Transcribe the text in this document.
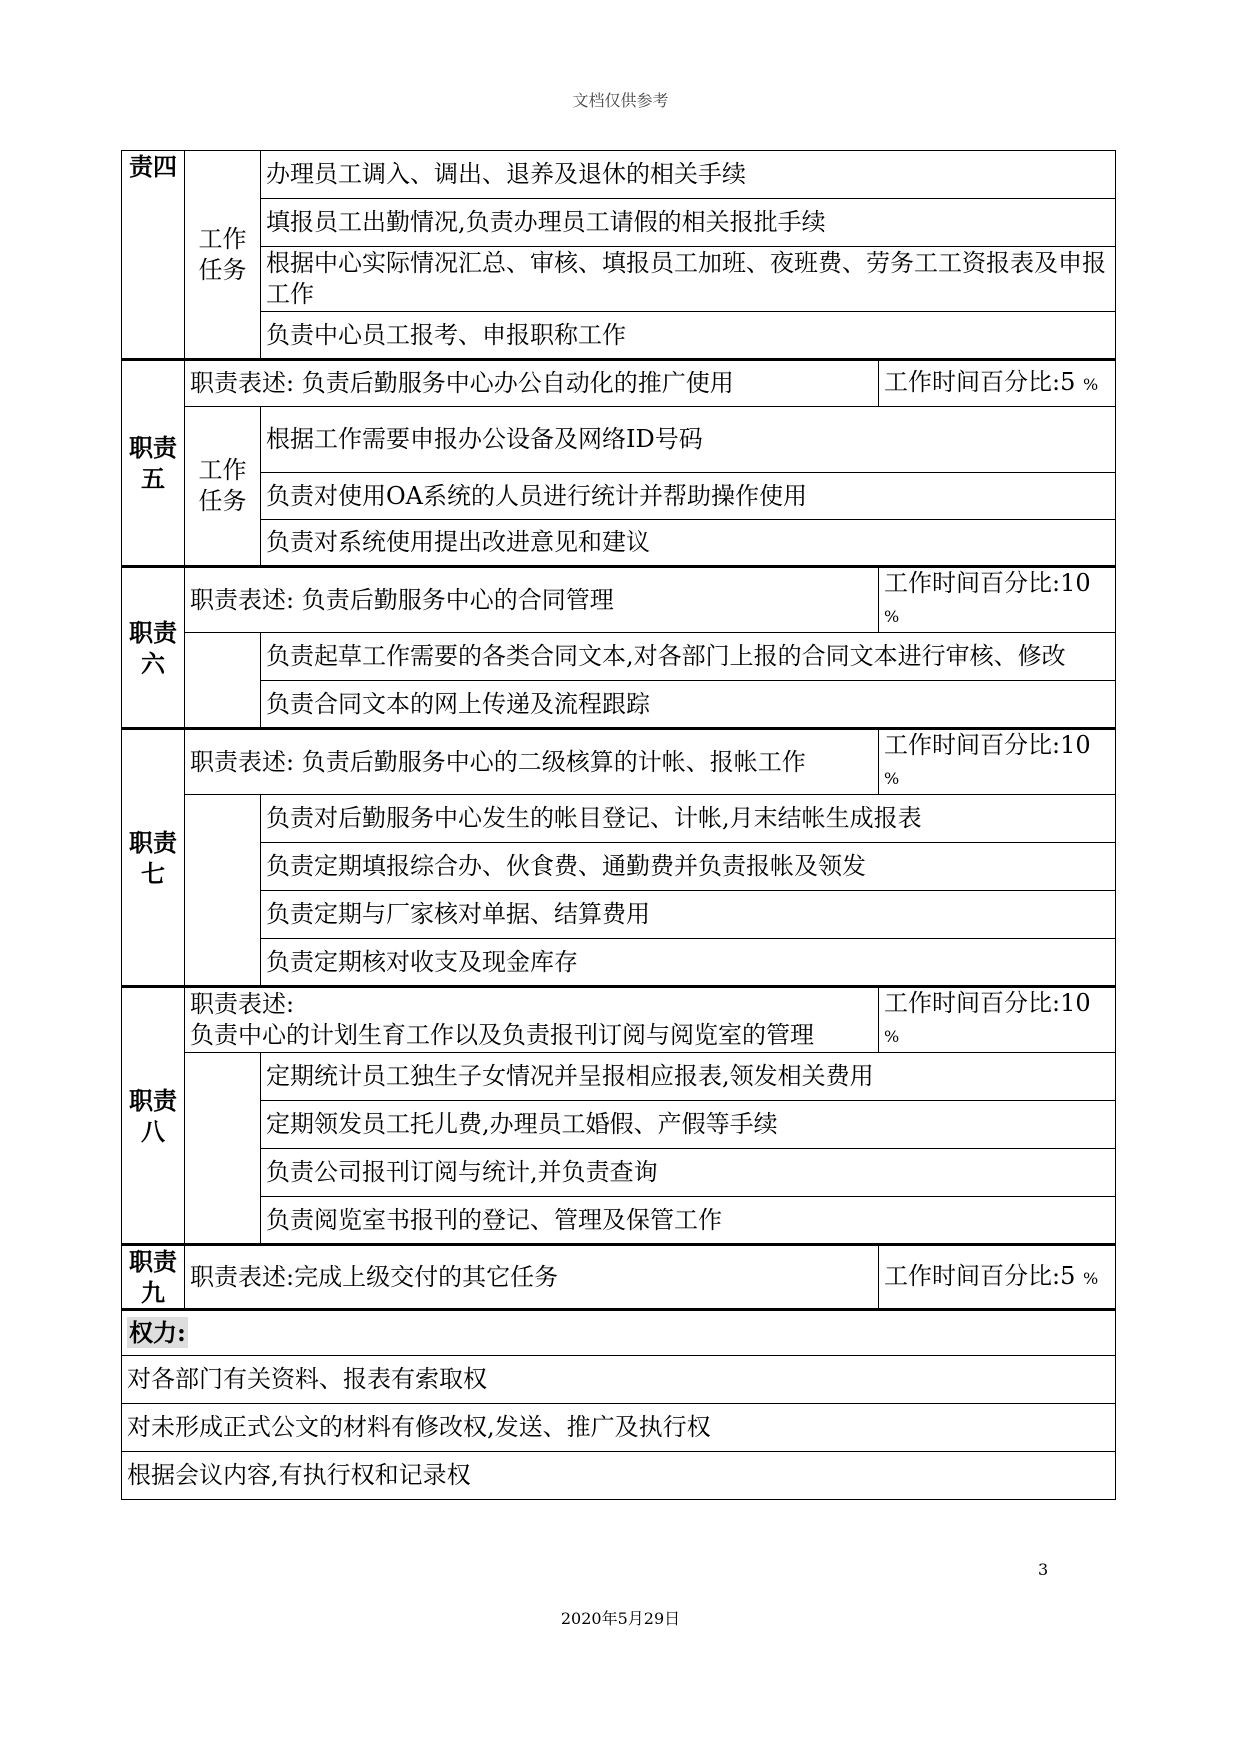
文档仅供参考
责四	工作任务	办理员工调入、调出、退养及退休的相关手续	
		填报员工出勤情况,负责办理员工请假的相关报批手续	
		根据中心实际情况汇总、审核、填报员工加班、夜班费、劳务工工资报表及申报工作	
		负责中心员工报考、申报职称工作	
职责五	职责表述: 负责后勤服务中心办公自动化的推广使用		工作时间百分比:5 %
	工作任务	根据工作需要申报办公设备及网络ID号码	
		负责对使用OA系统的人员进行统计并帮助操作使用	
		负责对系统使用提出改进意见和建议	
职责六	职责表述: 负责后勤服务中心的合同管理		工作时间百分比:10
%
		负责起草工作需要的各类合同文本,对各部门上报的合同文本进行审核、修改	
		负责合同文本的网上传递及流程跟踪	
职责七	职责表述: 负责后勤服务中心的二级核算的计帐、报帐工作		工作时间百分比:10
%
		负责对后勤服务中心发生的帐目登记、计帐,月末结帐生成报表	
		负责定期填报综合办、伙食费、通勤费并负责报帐及领发	
		负责定期与厂家核对单据、结算费用	
		负责定期核对收支及现金库存	
职责八	职责表述:
负责中心的计划生育工作以及负责报刊订阅与阅览室的管理		工作时间百分比:10
%
		定期统计员工独生子女情况并呈报相应报表,领发相关费用	
		定期领发员工托儿费,办理员工婚假、产假等手续	
		负责公司报刊订阅与统计,并负责查询	
		负责阅览室书报刊的登记、管理及保管工作	
职责九	职责表述:完成上级交付的其它任务		工作时间百分比:5 %
权力:			
对各部门有关资料、报表有索取权			
对未形成正式公文的材料有修改权,发送、推广及执行权			
根据会议内容,有执行权和记录权			
3
2020年5月29日
